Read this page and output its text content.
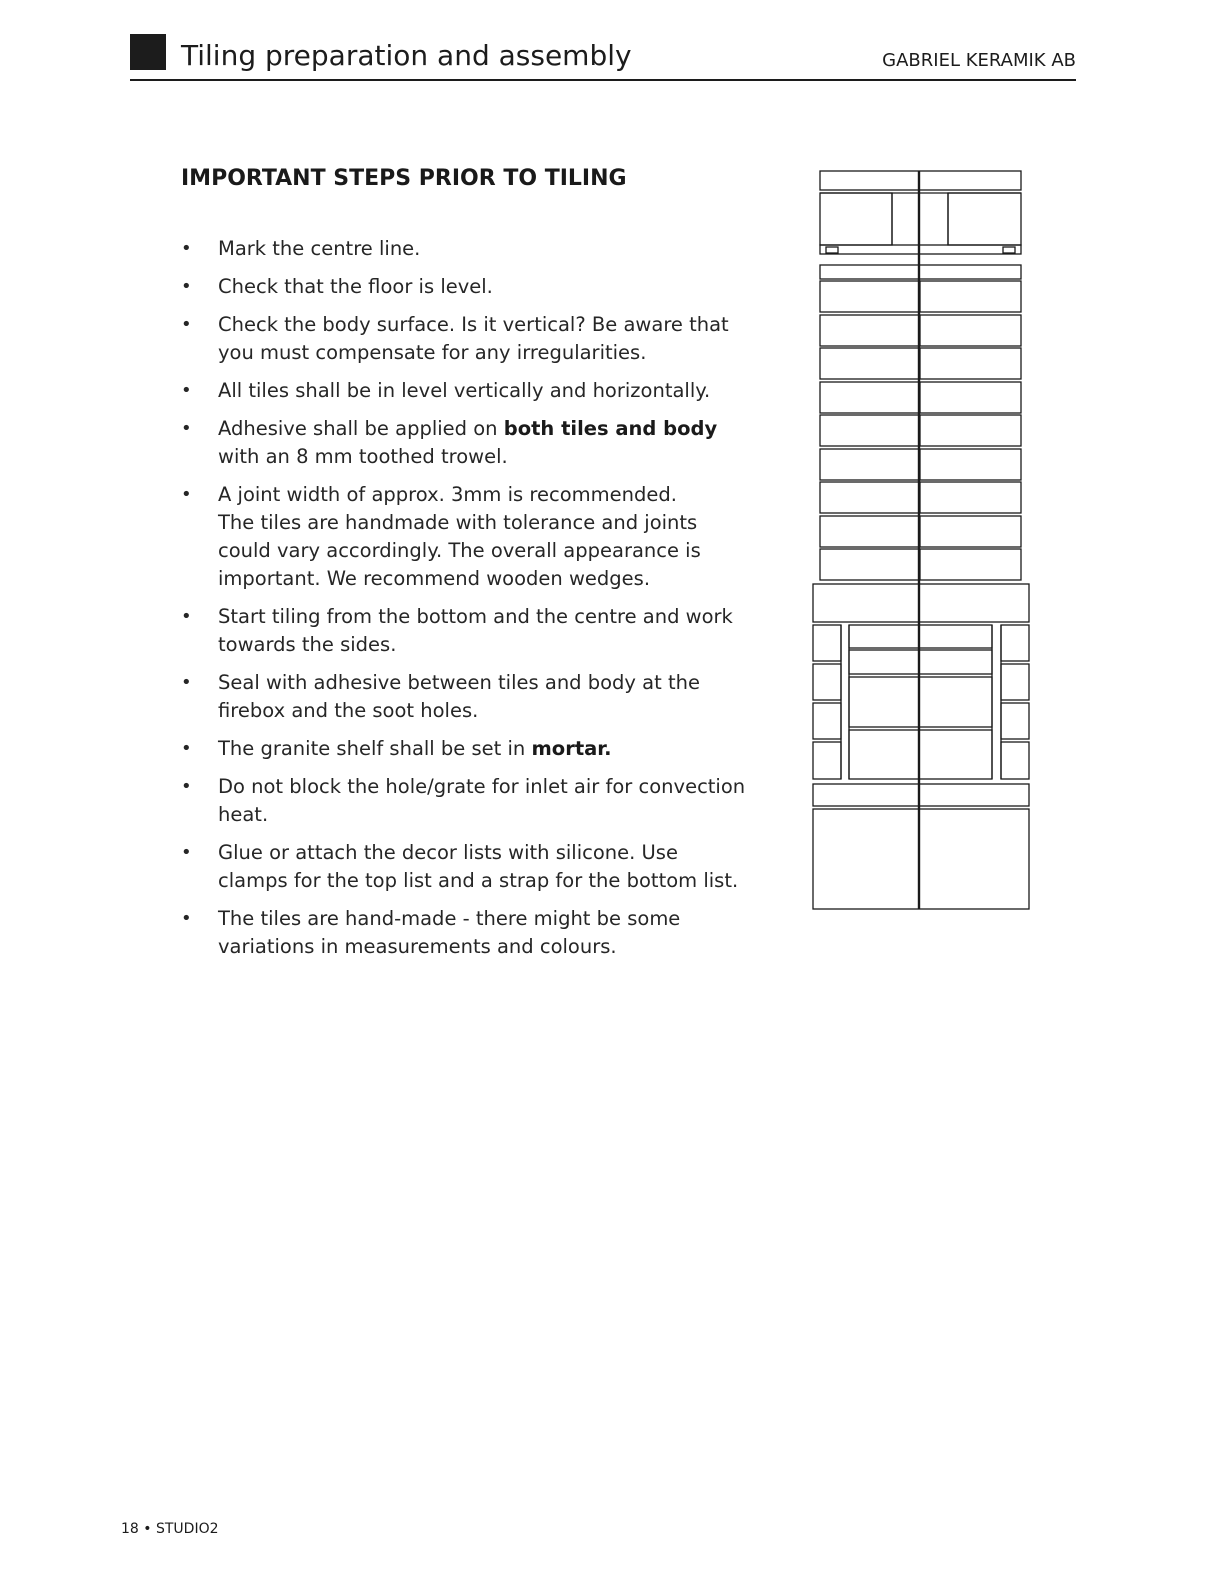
Tiling preparation and assembly	GABRIEL KERAMIK AB
IMPORTANT STEPS PRIOR TO TILING
• Mark the centre line.
• Check that the floor is level.
• Check the body surface. Is it vertical? Be aware that
you must compensate for any irregularities.
• All tiles shall be in level vertically and horizontally.
• Adhesive shall be applied on both tiles and body
with an 8 mm toothed trowel.
• A joint width of approx. 3mm is recommended.
The tiles are handmade with tolerance and joints
could vary accordingly. The overall appearance is
important. We recommend wooden wedges.
• Start tiling from the bottom and the centre and work
towards the sides.
• Seal with adhesive between tiles and body at the
firebox and the soot holes.
• The granite shelf shall be set in mortar.
• Do not block the hole/grate for inlet air for convection
heat.
• Glue or attach the decor lists with silicone. Use
clamps for the top list and a strap for the bottom list.
• The tiles are hand-made - there might be some
variations in measurements and colours.
18 • STUDIO2
